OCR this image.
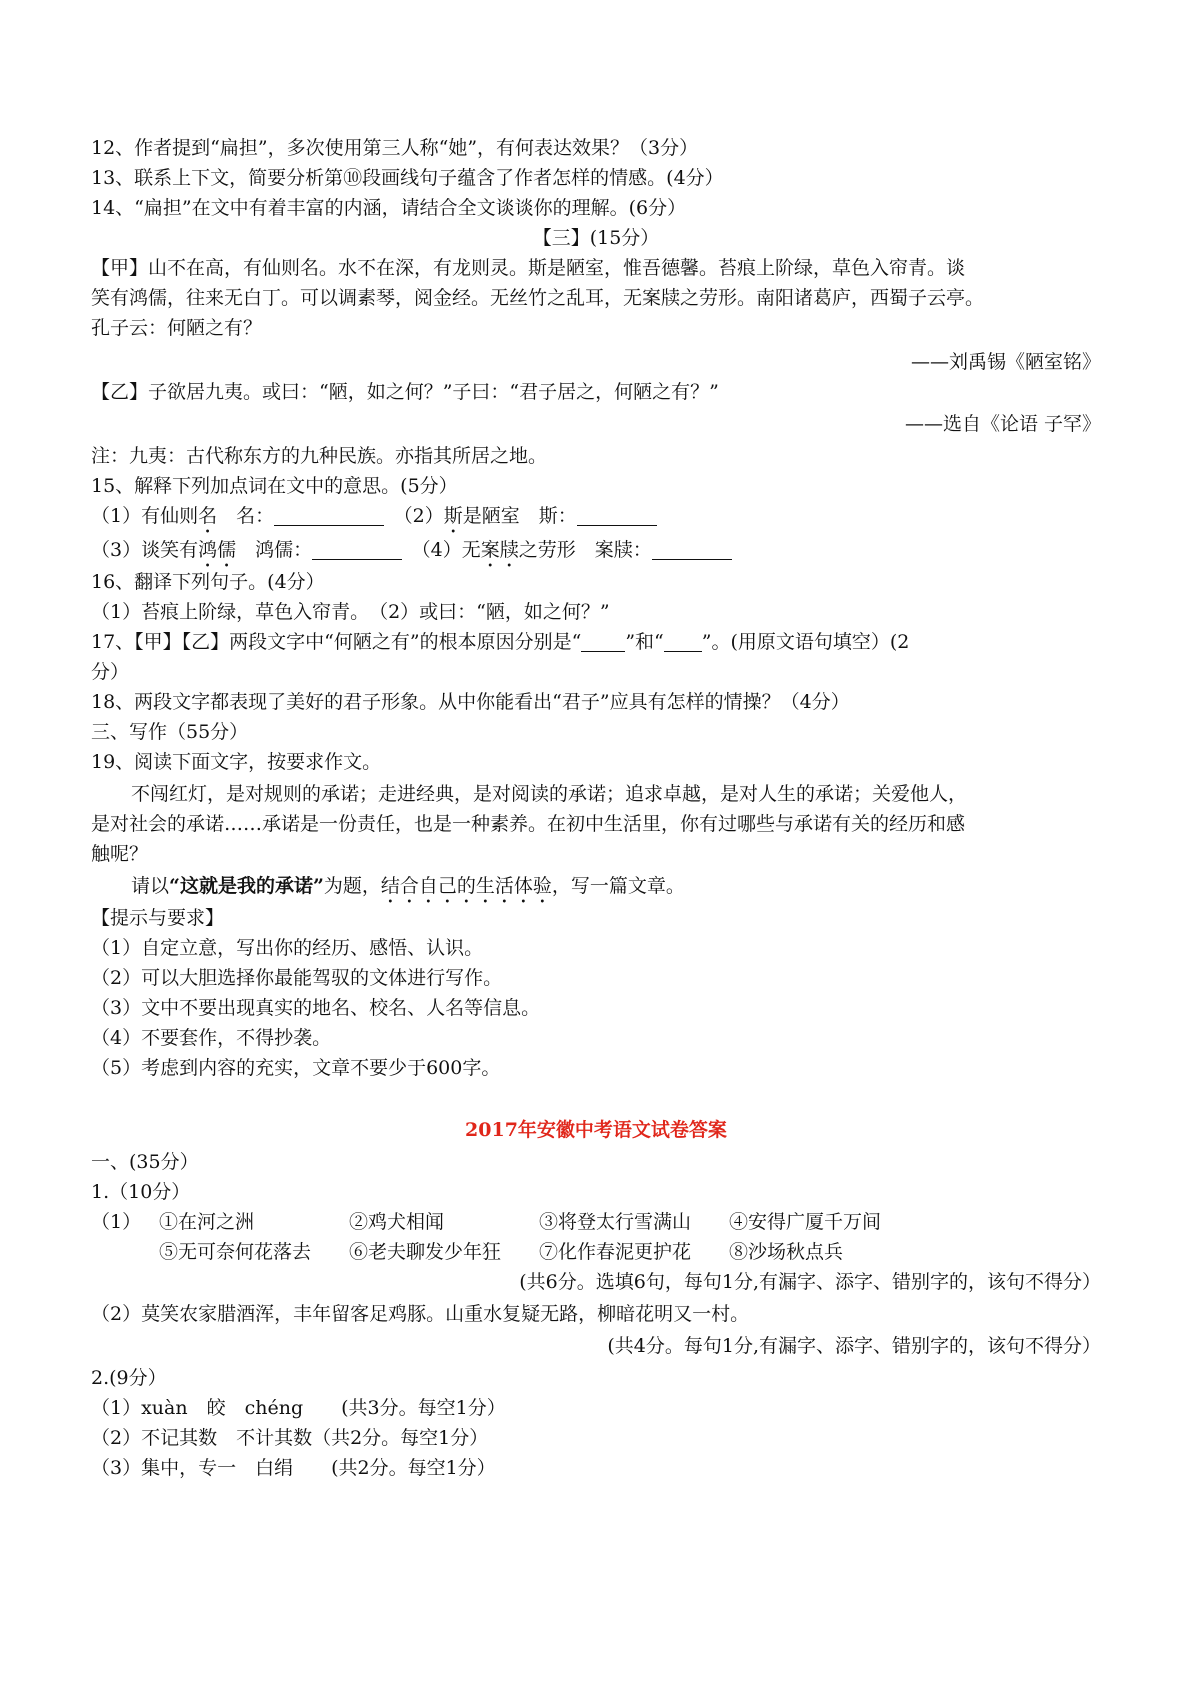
12、作者提到“扁担”，多次使用第三人称“她”，有何表达效果？（3分）
13、联系上下文，简要分析第⑩段画线句子蕴含了作者怎样的情感。(4分）
14、“扁担”在文中有着丰富的内涵，请结合全文谈谈你的理解。(6分）
【三】(15分）
【甲】山不在高，有仙则名。水不在深，有龙则灵。斯是陋室，惟吾德馨。苔痕上阶绿，草色入帘青。谈
笑有鸿儒，往来无白丁。可以调素琴，阅金经。无丝竹之乱耳，无案牍之劳形。南阳诸葛庐，西蜀子云亭。
孔子云：何陋之有？
——刘禹锡《陋室铭》
【乙】子欲居九夷。或曰：“陋，如之何？”子曰：“君子居之，何陋之有？”
——选自《论语 子罕》
注：九夷：古代称东方的九种民族。亦指其所居之地。
15、解释下列加点词在文中的意思。(5分）
（1）有仙则名　 名：　	（2）斯是陋室　 斯：
（3）谈笑有鸿儒　 鸿儒：　	（4）无案牍之劳形　 案牍：
16、翻译下列句子。(4分）
（1）苔痕上阶绿，草色入帘青。　（2）或曰：“陋，如之何？”
17、【甲】【乙】两段文字中“何陋之有”的根本原因分别是“ ”和“ ”。(用原文语句填空）(2
分）
18、两段文字都表现了美好的君子形象。从中你能看出“君子”应具有怎样的情操？（4分）
三、写作（55分）
19、阅读下面文字，按要求作文。
不闯红灯，是对规则的承诺；走进经典，是对阅读的承诺；追求卓越，是对人生的承诺；关爱他人，
是对社会的承诺……承诺是一份责任，也是一种素养。在初中生活里，你有过哪些与承诺有关的经历和感
触呢？
请以“这就是我的承诺”为题，结合自己的生活体验，写一篇文章。
【提示与要求】
（1）自定立意，写出你的经历、感悟、认识。
（2）可以大胆选择你最能驾驭的文体进行写作。
（3）文中不要出现真实的地名、校名、人名等信息。
（4）不要套作，不得抄袭。
（5）考虑到内容的充实，文章不要少于600字。
2017年安徽中考语文试卷答案
一、(35分）
1.（10分）
（1） ①在河之洲	②鸡犬相闻	③将登太行雪满山 ④安得广厦千万间
⑤无可奈何花落去 ⑥老夫聊发少年狂 ⑦化作春泥更护花 ⑧沙场秋点兵
(共6分。选填6句，每句1分,有漏字、添字、错别字的，该句不得分）
（2）莫笑农家腊酒浑，丰年留客足鸡豚。山重水复疑无路，柳暗花明又一村。
(共4分。每句1分,有漏字、添字、错别字的，该句不得分）
2.(9分）
（1）xuàn　皎　chéng　　(共3分。每空1分）
（2）不记其数　不计其数（共2分。每空1分）
（3）集中，专一　白绢　　(共2分。每空1分）
